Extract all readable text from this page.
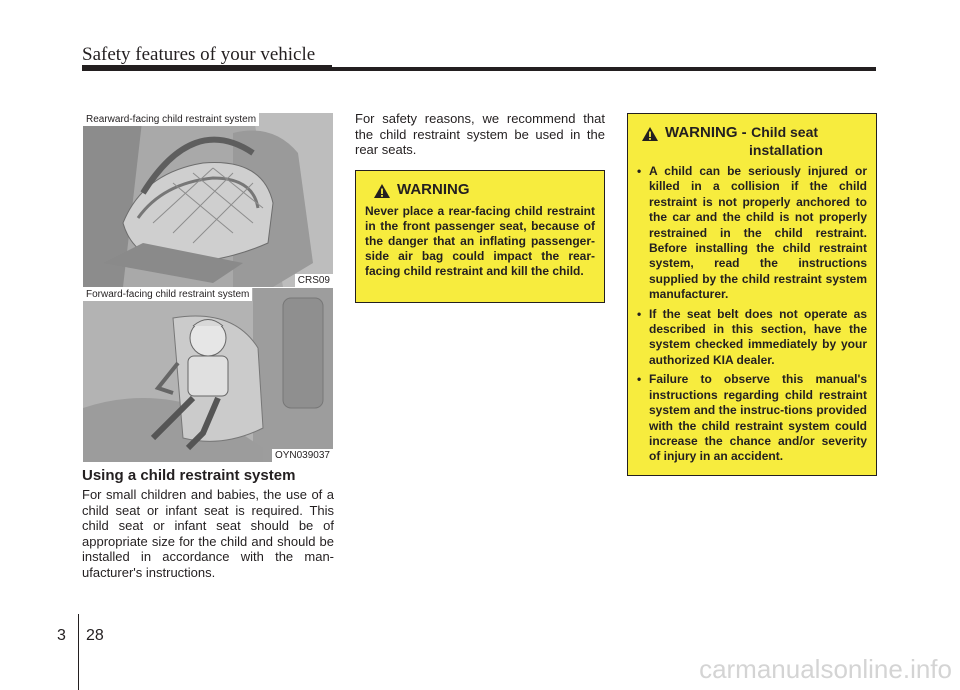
Safety features of your vehicle
Rearward-facing child restraint system
CRS09
Forward-facing child restraint system
OYN039037
Using a child restraint system
For small children and babies, the use of a child seat or infant seat is required. This child seat or infant seat should be of appropriate size for the child and should be installed in accordance with the man-ufacturer's instructions.
For safety reasons, we recommend that the child restraint system be used in the rear seats.
WARNING
Never place a rear-facing child restraint in the front passenger seat, because of the danger that an inflating passenger-side air bag could impact the rear-facing child restraint and kill the child.
WARNING - Child seat
installation
• A child can be seriously injured or killed in a collision if the child restraint is not properly anchored to the car and the child is not properly restrained in the child restraint. Before installing the child restraint system, read the instructions supplied by the child restraint system manufacturer.
• If the seat belt does not operate as described in this section, have the system checked immediately by your authorized KIA dealer.
• Failure to observe this manual's instructions regarding child restraint system and the instruc-tions provided with the child restraint system could increase the chance and/or severity of injury in an accident.
3 28
carmanualsonline.info
